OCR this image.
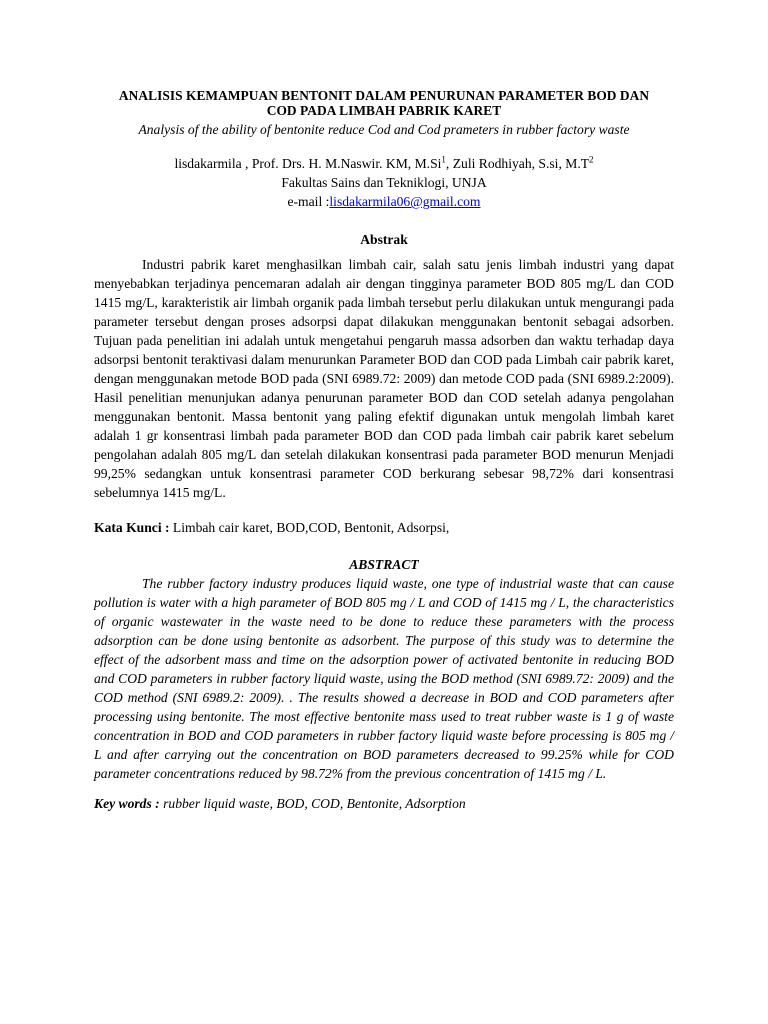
ANALISIS KEMAMPUAN BENTONIT DALAM PENURUNAN PARAMETER BOD DAN
COD PADA LIMBAH PABRIK KARET

Analysis of the ability of bentonite reduce Cod and Cod prameters in rubber factory waste

lisdakarmila , Prof. Drs. H. M.Naswir. KM, M.Si$^1$, Zuli Rodhiyah, S.si, $M.T^2$

Fakultas Sains dan Tekniklogi, UNJA

e-mail :lisdakarmila06@gmail.com

Abstrak

Industri pabrik karet menghasilkan limbah cair, salah satu jenis limbah industri yang dapat menyebabkan terjadinya pencemaran adalah air dengan tingginya parameter BOD 805 mg/L dan COD 1415 mg/L, karakteristik air limbah organik pada limbah tersebut perlu dilakukan untuk mengurangi pada parameter tersebut dengan proses adsorpsi dapat dilakukan menggunakan bentonit sebagai adsorben. Tujuan pada penelitian ini adalah untuk mengetahui pengaruh massa adsorben dan waktu terhadap daya adsorpsi bentonit teraktivasi dalam menurunkan Parameter BOD dan COD pada Limbah cair pabrik karet, dengan menggunakan metode BOD pada (SNI 6989.72: 2009) dan metode COD pada (SNI 6989.2:2009). Hasil penelitian menunjukan adanya penurunan parameter BOD dan COD setelah adanya pengolahan menggunakan bentonit. Massa bentonit yang paling efektif digunakan untuk mengolah limbah karet adalah 1 gr konsentrasi limbah pada parameter BOD dan COD pada limbah cair pabrik karet sebelum pengolahan adalah 805 mg/L dan setelah dilakukan konsentrasi pada parameter BOD menurun Menjadi 99,25% sedangkan untuk konsentrasi parameter COD berkurang sebesar 98,72% dari konsentrasi sebelumnya 1415 mg/L.

Kata Kunci : Limbah cair karet, BOD,COD, Bentonit, Adsorpsi,

ABSTRACT

The rubber factory industry produces liquid waste, one type of industrial waste that can cause pollution is water with a high parameter of BOD 805 mg / L and COD of 1415 mg / L, the characteristics of organic wastewater in the waste need to be done to reduce these parameters with the process adsorption can be done using bentonite as adsorbent. The purpose of this study was to determine the effect of the adsorbent mass and time on the adsorption power of activated bentonite in reducing BOD and COD parameters in rubber factory liquid waste, using the BOD method (SNI 6989.72: 2009) and the COD method (SNI 6989.2: 2009). . The results showed a decrease in BOD and COD parameters after processing using bentonite. The most effective bentonite mass used to treat rubber waste is 1 g of waste concentration in BOD and COD parameters in rubber factory liquid waste before processing is 805 mg / L and after carrying out the concentration on BOD parameters decreased to 99.25% while for COD parameter concentrations reduced by 98.72% from the previous concentration of 1415 mg / L.

Key words : rubber liquid waste, BOD, COD, Bentonite, Adsorption
